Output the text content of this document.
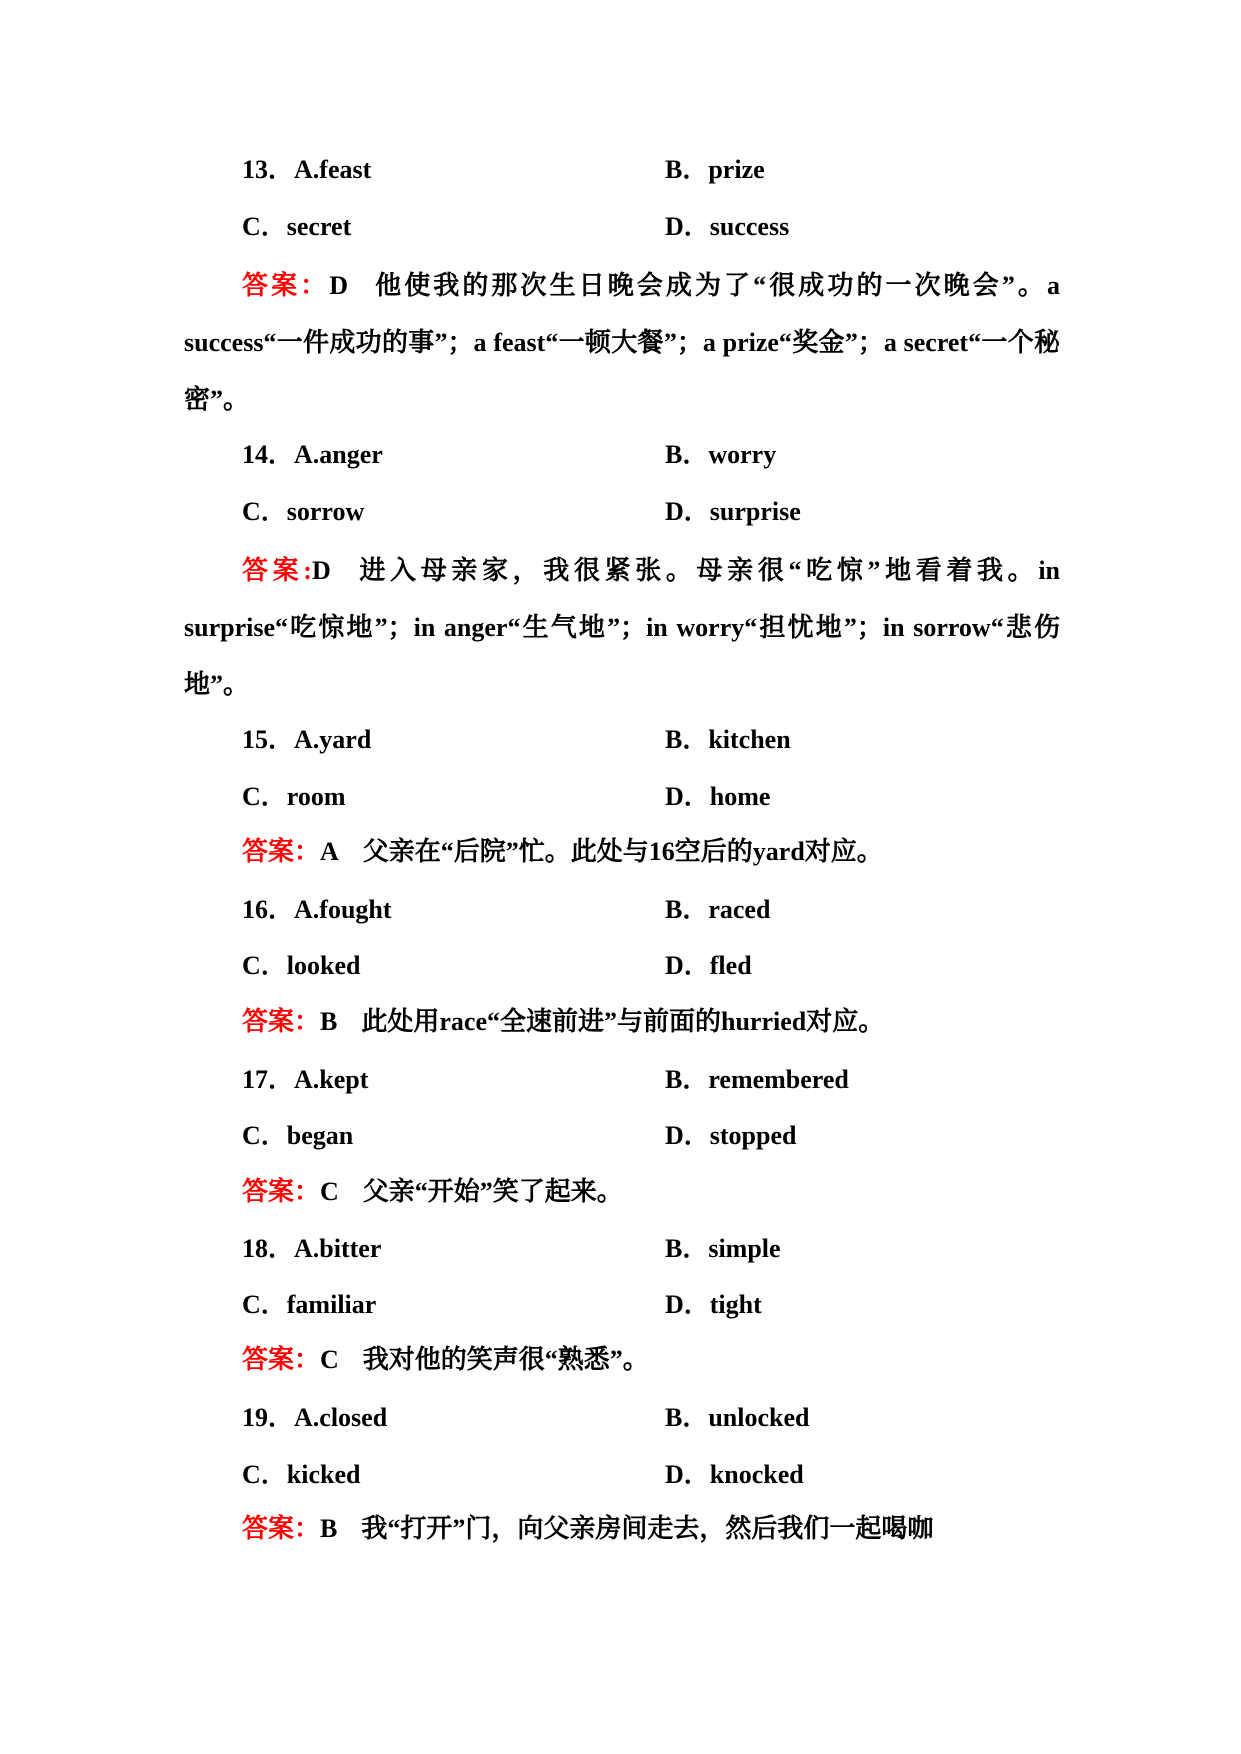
13．A.feast	B．prize
C．secret	D．success
答案：D 他使我的那次生日晚会成为了“很成功的一次晚会”。a success“一件成功的事”；a feast“一顿大餐”；a prize“奖金”；a secret“一个秘密”。
14．A.anger	B．worry
C．sorrow	D．surprise
答案:D 进入母亲家，我很紧张。母亲很“吃惊”地看着我。in surprise“吃惊地”；in anger“生气地”；in worry“担忧地”；in sorrow“悲伤地”。
15．A.yard	B．kitchen
C．room	D．home
答案：A 父亲在“后院”忙。此处与16空后的yard对应。
16．A.fought	B．raced
C．looked	D．fled
答案：B 此处用race“全速前进”与前面的hurried对应。
17．A.kept	B．remembered
C．began	D．stopped
答案：C 父亲“开始”笑了起来。
18．A.bitter	B．simple
C．familiar	D．tight
答案：C 我对他的笑声很“熟悉”。
19．A.closed	B．unlocked
C．kicked	D．knocked
答案：B 我“打开”门，向父亲房间走去，然后我们一起喝咖
